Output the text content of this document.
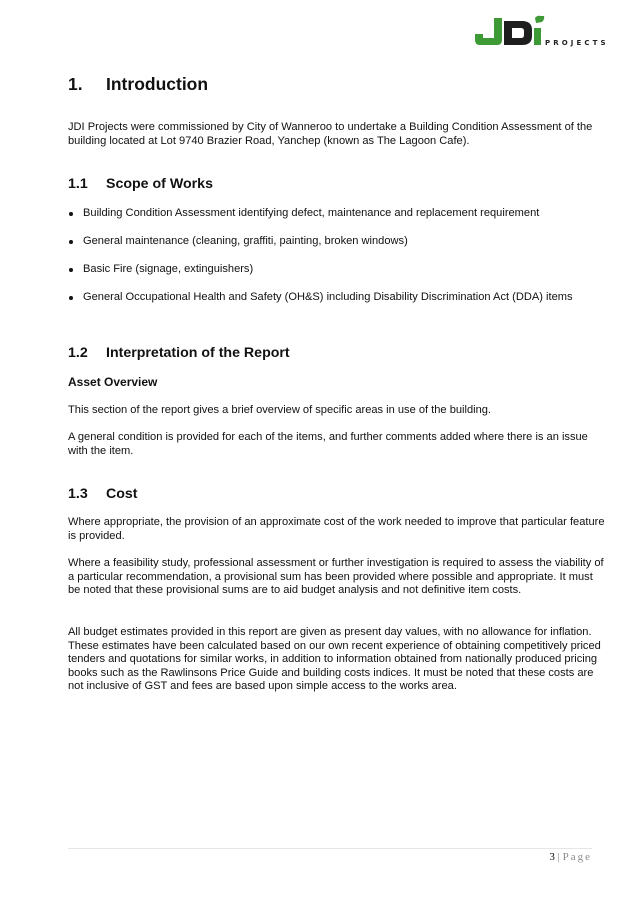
PROJECTS
1. Introduction

JDI Projects were commissioned by City of Wanneroo to undertake a Building Condition Assessment of the building located at Lot 9740 Brazier Road, Yanchep (known as The Lagoon Cafe).

1.1 Scope of Works
Building Condition Assessment identifying defect, maintenance and replacement requirement
General maintenance (cleaning, graffiti, painting, broken windows)
Basic Fire (signage, extinguishers)
General Occupational Health and Safety (OH&S) including Disability Discrimination Act (DDA) items
1.2 Interpretation of the Report
Asset Overview

This section of the report gives a brief overview of specific areas in use of the building.

A general condition is provided for each of the items, and further comments added where there is an issue with the item.

1.3 Cost

Where appropriate, the provision of an approximate cost of the work needed to improve that particular feature is provided.

Where a feasibility study, professional assessment or further investigation is required to assess the viability of a particular recommendation, a provisional sum has been provided where possible and appropriate. It must be noted that these provisional sums are to aid budget analysis and not definitive item costs.

All budget estimates provided in this report are given as present day values, with no allowance for inflation. These estimates have been calculated based on our own recent experience of obtaining competitively priced tenders and quotations for similar works, in addition to information obtained from nationally produced pricing books such as the Rawlinsons Price Guide and building costs indices. It must be noted that these costs are not inclusive of GST and fees are based upon simple access to the works area.

3 | Page
